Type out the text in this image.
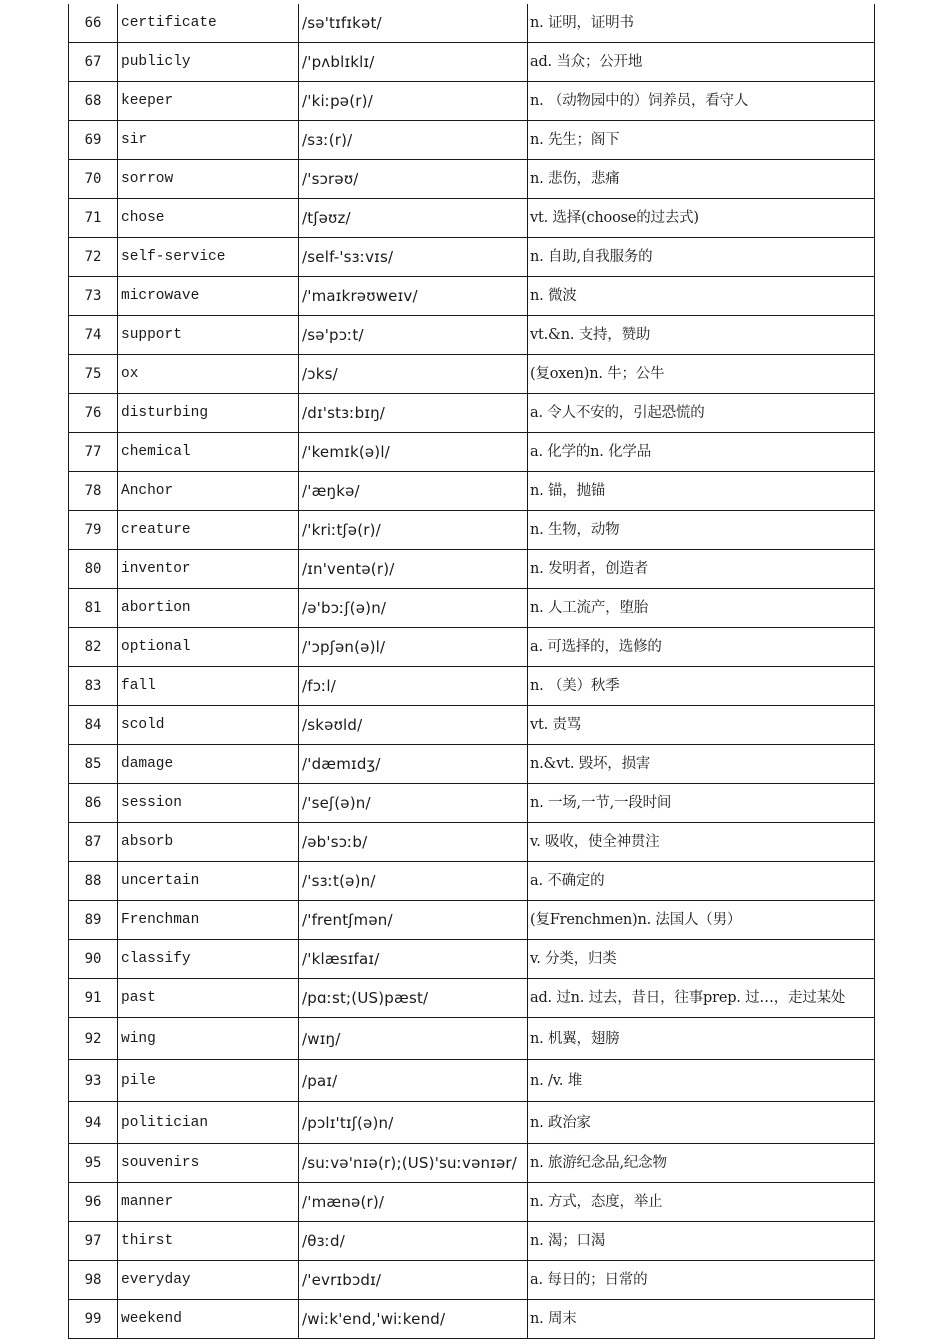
66	certificate	/sə'tɪfɪkət/	n. 证明，证明书
67	publicly	/'pʌblɪklɪ/	ad. 当众；公开地
68	keeper	/'kiːpə(r)/	n. （动物园中的）饲养员，看守人
69	sir	/sɜː(r)/	n. 先生；阁下
70	sorrow	/'sɔrəʊ/	n. 悲伤，悲痛
71	chose	/tʃəʊz/	vt. 选择(choose的过去式)
72	self-service	/self-'sɜːvɪs/	n. 自助,自我服务的
73	microwave	/'maɪkrəʊweɪv/	n. 微波
74	support	/sə'pɔːt/	vt.&n. 支持，赞助
75	ox	/ɔks/	(复oxen)n. 牛；公牛
76	disturbing	/dɪ'stɜːbɪŋ/	a. 令人不安的，引起恐慌的
77	chemical	/'kemɪk(ə)l/	a. 化学的n. 化学品
78	Anchor	/'æŋkə/	n. 锚，抛锚
79	creature	/'kriːtʃə(r)/	n. 生物，动物
80	inventor	/ɪn'ventə(r)/	n. 发明者，创造者
81	abortion	/ə'bɔːʃ(ə)n/	n. 人工流产，堕胎
82	optional	/'ɔpʃən(ə)l/	a. 可选择的，选修的
83	fall	/fɔːl/	n. （美）秋季
84	scold	/skəʊld/	vt. 责骂
85	damage	/'dæmɪdʒ/	n.&vt. 毁坏，损害
86	session	/'seʃ(ə)n/	n. 一场,一节,一段时间
87	absorb	/əb'sɔːb/	v. 吸收，使全神贯注
88	uncertain	/'sɜːt(ə)n/	a. 不确定的
89	Frenchman	/'frentʃmən/	(复Frenchmen)n. 法国人（男）
90	classify	/'klæsɪfaɪ/	v. 分类，归类
91	past	/pɑːst;(US)pæst/	ad. 过n. 过去，昔日，往事prep. 过…，走过某处
92	wing	/wɪŋ/	n. 机翼，翅膀
93	pile	/paɪ/	n. /v. 堆
94	politician	/pɔlɪ'tɪʃ(ə)n/	n. 政治家
95	souvenirs	/suːvə'nɪə(r);(US)'suːvənɪər/	n. 旅游纪念品,纪念物
96	manner	/'mænə(r)/	n. 方式，态度，举止
97	thirst	/θɜːd/	n. 渴；口渴
98	everyday	/'evrɪbɔdɪ/	a. 每日的；日常的
99	weekend	/wiːk'end,'wiːkend/	n. 周末
